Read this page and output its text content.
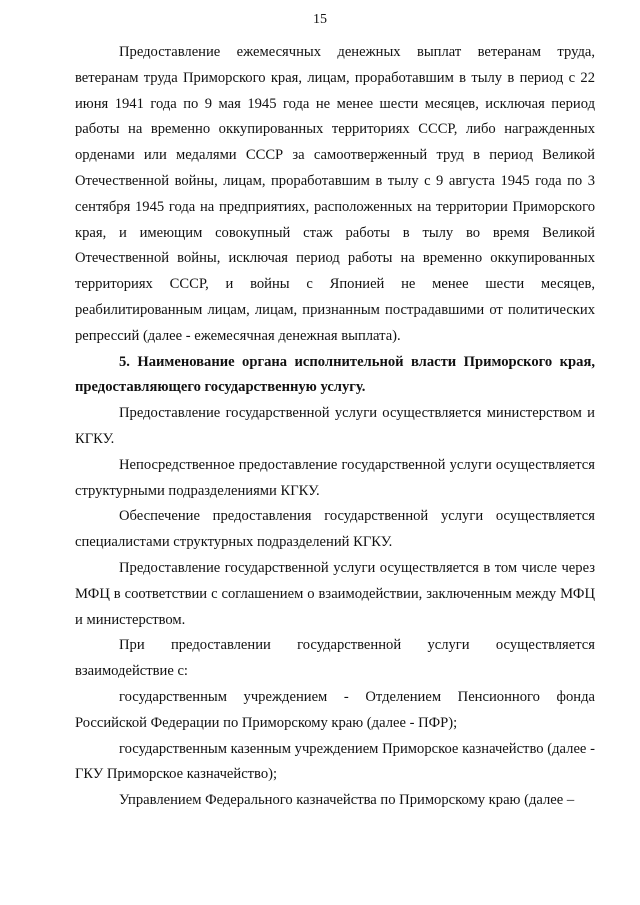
15

Предоставление ежемесячных денежных выплат ветеранам труда, ветеранам труда Приморского края, лицам, проработавшим в тылу в период с 22 июня 1941 года по 9 мая 1945 года не менее шести месяцев, исключая период работы на временно оккупированных территориях СССР, либо награжденных орденами или медалями СССР за самоотверженный труд в период Великой Отечественной войны, лицам, проработавшим в тылу с 9 августа 1945 года по 3 сентября 1945 года на предприятиях, расположенных на территории Приморского края, и имеющим совокупный стаж работы в тылу во время Великой Отечественной войны, исключая период работы на временно оккупированных территориях СССР, и войны с Японией не менее шести месяцев, реабилитированным лицам, лицам, признанным пострадавшими от политических репрессий (далее - ежемесячная денежная выплата).

5. Наименование органа исполнительной власти Приморского края, предоставляющего государственную услугу.

Предоставление государственной услуги осуществляется министерством и КГКУ.

Непосредственное предоставление государственной услуги осуществляется структурными подразделениями КГКУ.

Обеспечение предоставления государственной услуги осуществляется специалистами структурных подразделений КГКУ.

Предоставление государственной услуги осуществляется в том числе через МФЦ в соответствии с соглашением о взаимодействии, заключенным между МФЦ и министерством.

При предоставлении государственной услуги осуществляется взаимодействие с:

государственным учреждением - Отделением Пенсионного фонда Российской Федерации по Приморскому краю (далее - ПФР);

государственным казенным учреждением Приморское казначейство (далее - ГКУ Приморское казначейство);

Управлением Федерального казначейства по Приморскому краю (далее –
